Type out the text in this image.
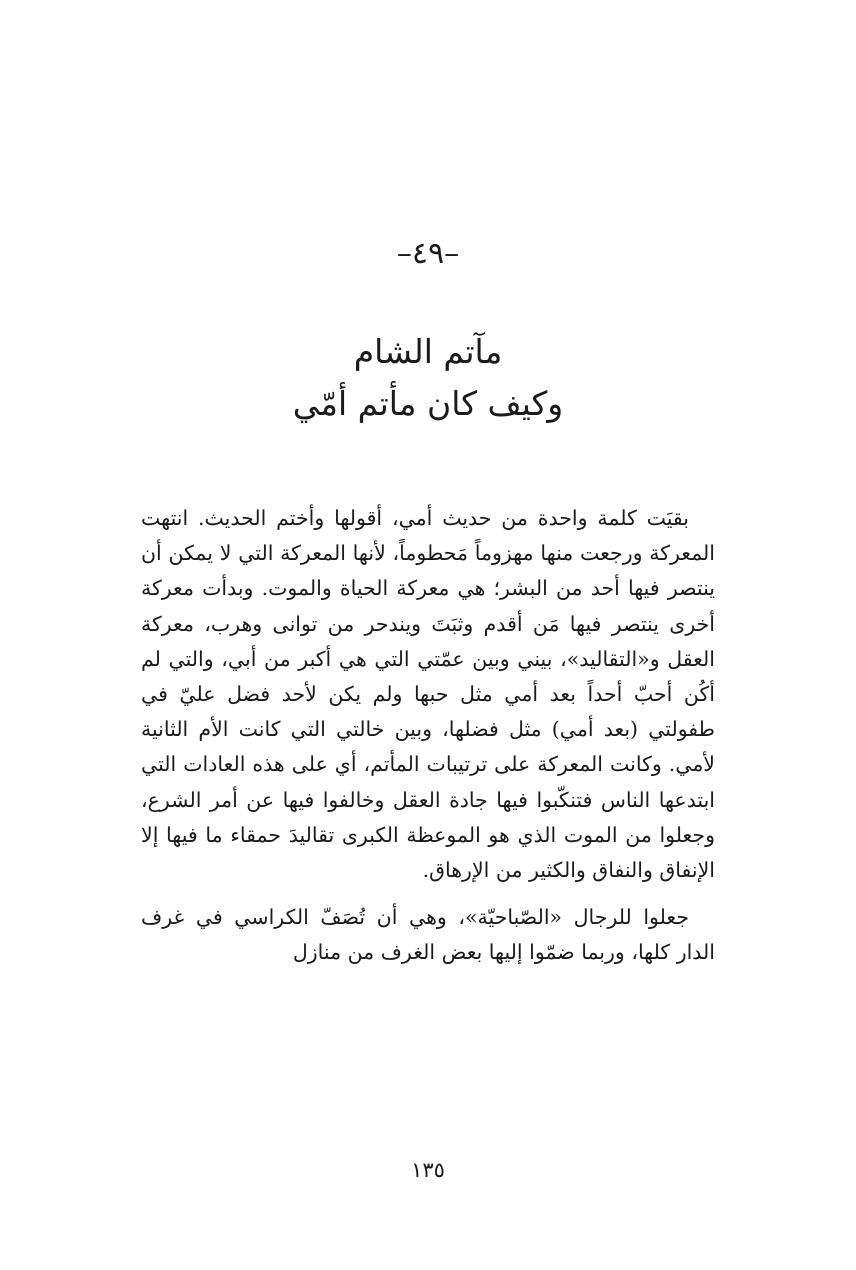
–٤٩–
مآتم الشام
وكيف كان مأتم أمّي

بقيَت كلمة واحدة من حديث أمي، أقولها وأختم الحديث. انتهت المعركة ورجعت منها مهزوماً مَحطوماً، لأنها المعركة التي لا يمكن أن ينتصر فيها أحد من البشر؛ هي معركة الحياة والموت. وبدأت معركة أخرى ينتصر فيها مَن أقدم وثبَتَ ويندحر من توانى وهرب، معركة العقل و«التقاليد»، بيني وبين عمّتي التي هي أكبر من أبي، والتي لم أكُن أحبّ أحداً بعد أمي مثل حبها ولم يكن لأحد فضل عليّ في طفولتي (بعد أمي) مثل فضلها، وبين خالتي التي كانت الأم الثانية لأمي. وكانت المعركة على ترتيبات المأتم، أي على هذه العادات التي ابتدعها الناس فتنكّبوا فيها جادة العقل وخالفوا فيها عن أمر الشرع، وجعلوا من الموت الذي هو الموعظة الكبرى تقاليدَ حمقاء ما فيها إلا الإنفاق والنفاق والكثير من الإرهاق.

جعلوا للرجال «الصّباحيّة»، وهي أن تُصَفّ الكراسي في غرف الدار كلها، وربما ضمّوا إليها بعض الغرف من منازل

١٣٥
